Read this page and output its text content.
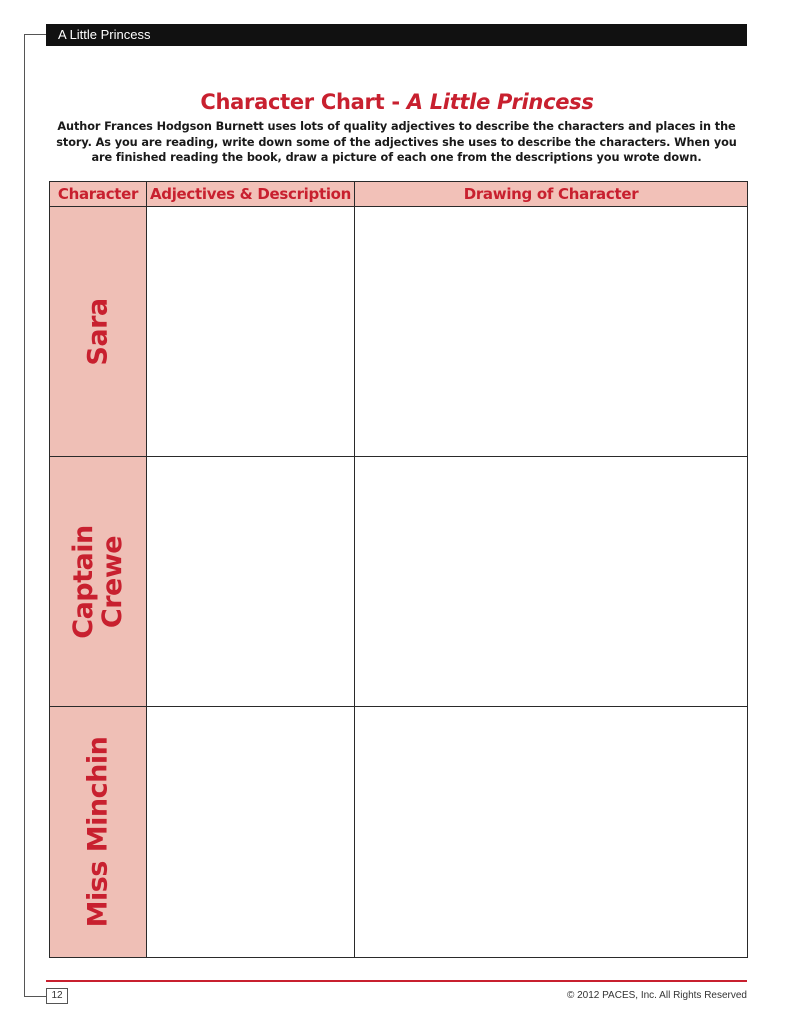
A Little Princess
Character Chart - A Little Princess
Author Frances Hodgson Burnett uses lots of quality adjectives to describe the characters and places in the story. As you are reading, write down some of the adjectives she uses to describe the characters. When you are finished reading the book, draw a picture of each one from the descriptions you wrote down.
Character	Adjectives & Description	Drawing of Character

Sara		

Captain
Crewe		

Miss Minchin		

12	© 2012 PACES, Inc. All Rights Reserved
